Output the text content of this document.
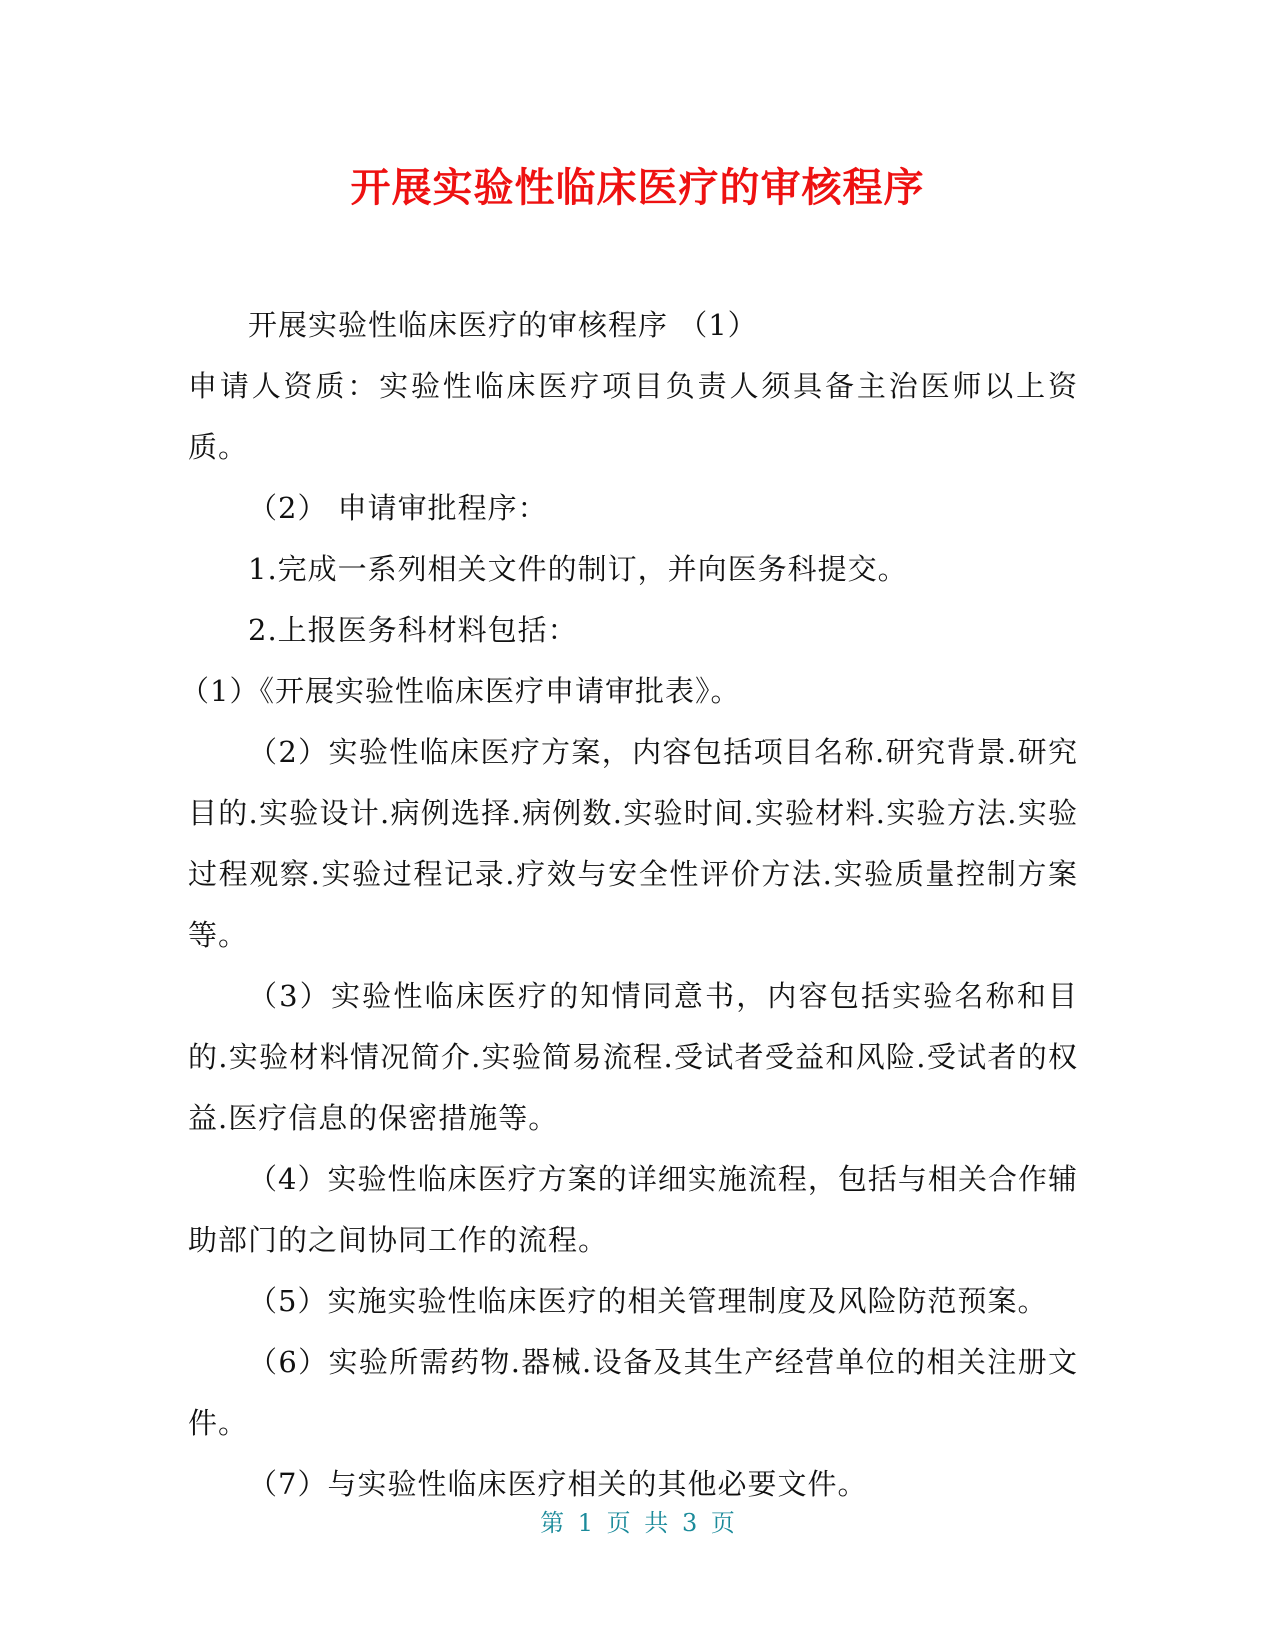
开展实验性临床医疗的审核程序

开展实验性临床医疗的审核程序 （1）

申请人资质：实验性临床医疗项目负责人须具备主治医师以上资质。

（2） 申请审批程序：

1.完成一系列相关文件的制订，并向医务科提交。

2.上报医务科材料包括：

（1）《开展实验性临床医疗申请审批表》。

（2）实验性临床医疗方案，内容包括项目名称.研究背景.研究目的.实验设计.病例选择.病例数.实验时间.实验材料.实验方法.实验过程观察.实验过程记录.疗效与安全性评价方法.实验质量控制方案等。

（3）实验性临床医疗的知情同意书，内容包括实验名称和目的.实验材料情况简介.实验简易流程.受试者受益和风险.受试者的权益.医疗信息的保密措施等。

（4）实验性临床医疗方案的详细实施流程，包括与相关合作辅助部门的之间协同工作的流程。

（5）实施实验性临床医疗的相关管理制度及风险防范预案。

（6）实验所需药物.器械.设备及其生产经营单位的相关注册文件。

（7）与实验性临床医疗相关的其他必要文件。

第 1 页 共 3 页
